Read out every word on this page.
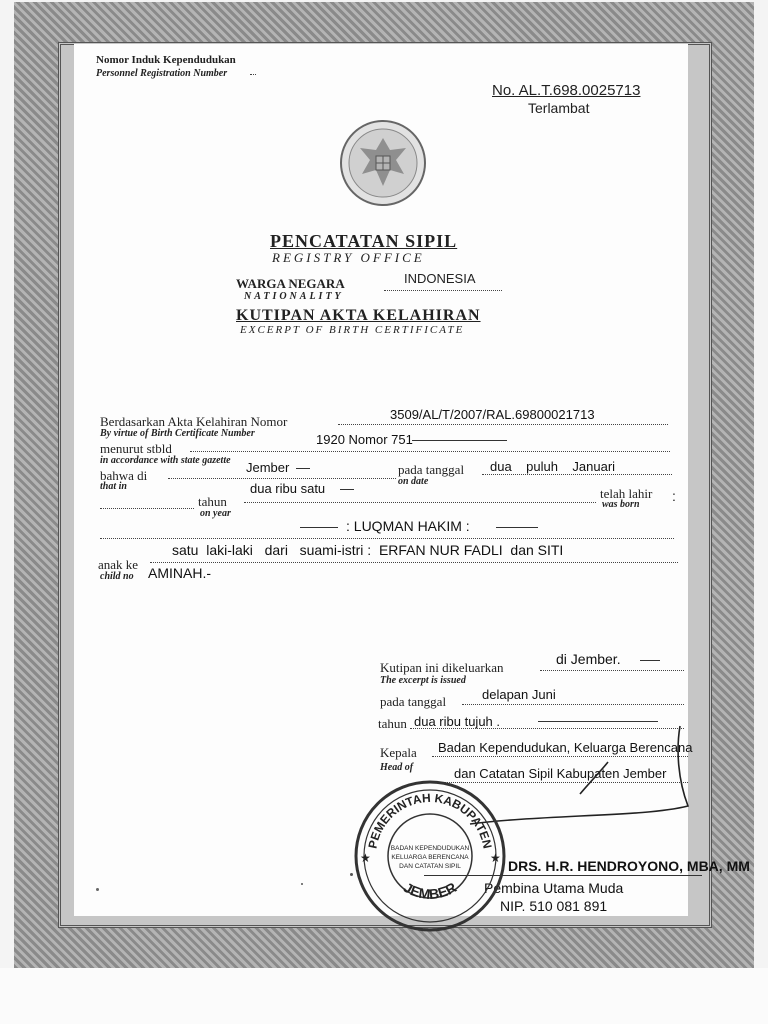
Nomor Induk Kependudukan
Personnel Registration Number
No. AL.T.698.0025713
Terlambat
PENCATATAN SIPIL
REGISTRY OFFICE
WARGA NEGARA	INDONESIA
NATIONALITY
KUTIPAN AKTA KELAHIRAN
EXCERPT OF BIRTH CERTIFICATE
Berdasarkan Akta Kelahiran Nomor	3509/AL/T/2007/RAL.69800021713
By virtue of Birth Certificate Number
menurut stbld
1920 Nomor 751
in accordance with state gazette
bahwa di
Jember	pada tanggal dua    puluh    Januari
that in	on date
tahun
dua ribu satu
on year
telah lahir :
was born
: LUQMAN HAKIM :
anak ke
satu  laki-laki   dari   suami-istri :  ERFAN NUR FADLI  dan SITI
child no AMINAH.-
Kutipan ini dikeluarkan
di Jember.
The excerpt is issued
pada tanggal	delapan Juni
tahun dua ribu tujuh .
Kepala Badan Kependudukan, Keluarga Berencana
Head of	dan Catatan Sipil Kabupaten Jember
DRS. H.R. HENDROYONO, MBA, MM
Pembina Utama Muda
NIP. 510 081 891
PEMERINTAH KABUPATEN
JEMBER
★	★
BADAN KEPENDUDUKAN
KELUARGA BERENCANA
DAN CATATAN SIPIL
